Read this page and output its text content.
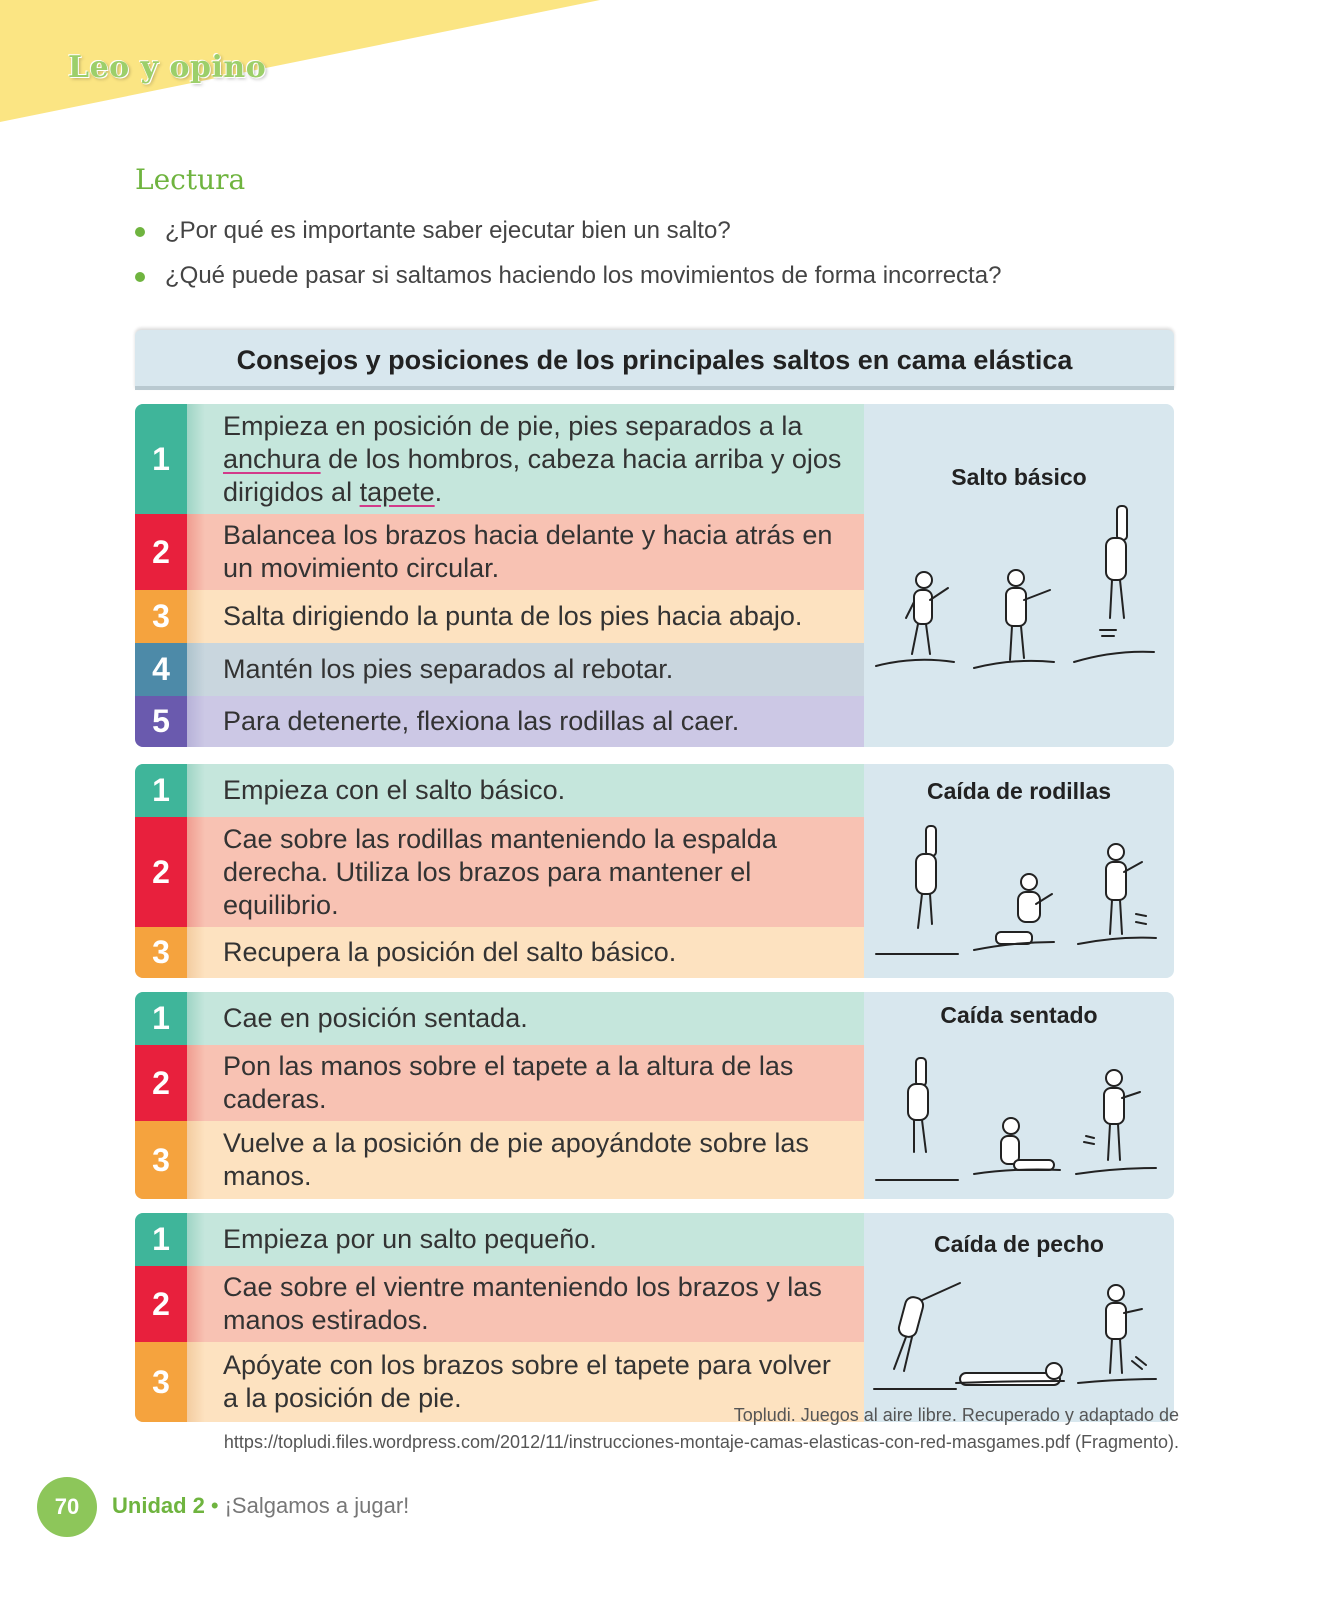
Leo y opino
Lectura
¿Por qué es importante saber ejecutar bien un salto?
¿Qué puede pasar si saltamos haciendo los movimientos de forma incorrecta?
Consejos y posiciones de los principales saltos en cama elástica
1
Empieza en posición de pie, pies separados a la anchura de los hombros, cabeza hacia arriba y ojos dirigidos al tapete.
2	Balancea los brazos hacia delante y hacia atrás en un movimiento circular.
3	Salta dirigiendo la punta de los pies hacia abajo.
4	Mantén los pies separados al rebotar.
5	Para detenerte, flexiona las rodillas al caer.
Salto básico
1	Empieza con el salto básico.
2
Cae sobre las rodillas manteniendo la espalda derecha. Utiliza los brazos para mantener el equilibrio.
3	Recupera la posición del salto básico.
Caída de rodillas
1	Cae en posición sentada.
2	Pon las manos sobre el tapete a la altura de las caderas.
3	Vuelve a la posición de pie apoyándote sobre las manos.
Caída sentado
1	Empieza por un salto pequeño.
2	Cae sobre el vientre manteniendo los brazos y las manos estirados.
3	Apóyate con los brazos sobre el tapete para volver a la posición de pie.
Caída de pecho
Topludi. Juegos al aire libre. Recuperado y adaptado de
https://topludi.files.wordpress.com/2012/11/instrucciones-montaje-camas-elasticas-con-red-masgames.pdf (Fragmento).
70	Unidad 2 • ¡Salgamos a jugar!
